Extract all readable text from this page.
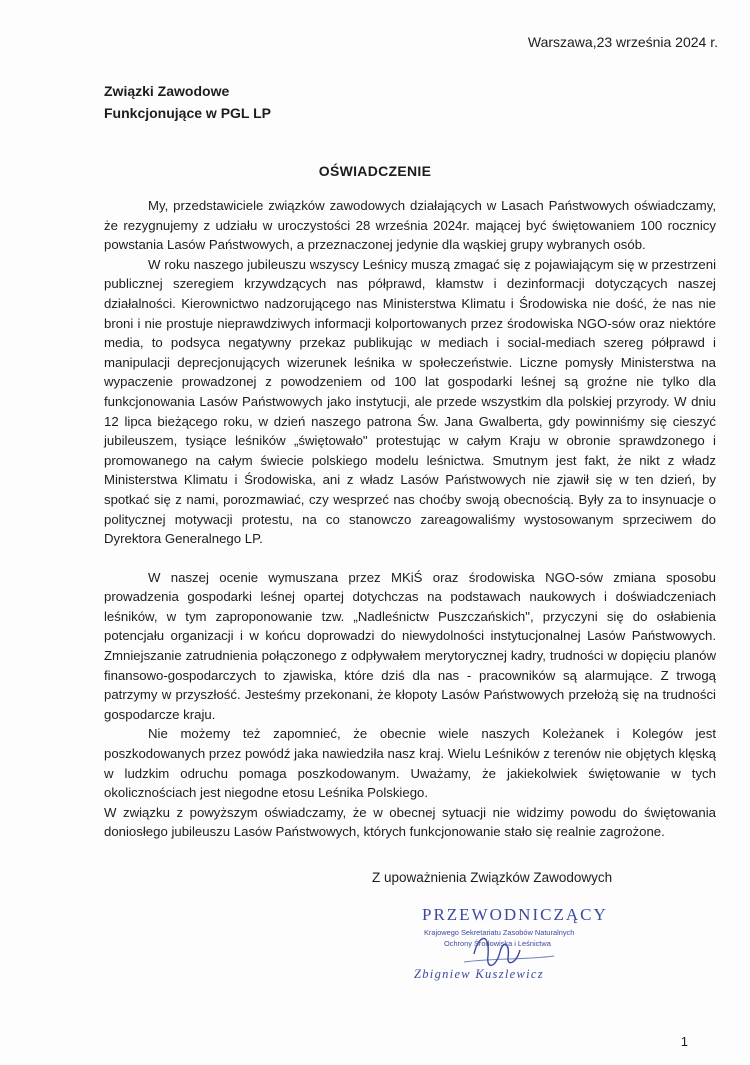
Warszawa,23 września 2024 r.
Związki Zawodowe
Funkcjonujące w PGL LP
OŚWIADCZENIE

My, przedstawiciele związków zawodowych działających w Lasach Państwowych oświadczamy, że rezygnujemy z udziału w uroczystości 28 września 2024r. mającej być świętowaniem 100 rocznicy powstania Lasów Państwowych, a przeznaczonej jedynie dla wąskiej grupy wybranych osób.

W roku naszego jubileuszu wszyscy Leśnicy muszą zmagać się z pojawiającym się w przestrzeni publicznej szeregiem krzywdzących nas półprawd, kłamstw i dezinformacji dotyczących naszej działalności. Kierownictwo nadzorującego nas Ministerstwa Klimatu i Środowiska nie dość, że nas nie broni i nie prostuje nieprawdziwych informacji kolportowanych przez środowiska NGO-sów oraz niektóre media, to podsyca negatywny przekaz publikując w mediach i social-mediach szereg półprawd i manipulacji deprecjonujących wizerunek leśnika w społeczeństwie. Liczne pomysły Ministerstwa na wypaczenie prowadzonej z powodzeniem od 100 lat gospodarki leśnej są groźne nie tylko dla funkcjonowania Lasów Państwowych jako instytucji, ale przede wszystkim dla polskiej przyrody. W dniu 12 lipca bieżącego roku, w dzień naszego patrona Św. Jana Gwalberta, gdy powinniśmy się cieszyć jubileuszem, tysiące leśników „świętowało" protestując w całym Kraju w obronie sprawdzonego i promowanego na całym świecie polskiego modelu leśnictwa. Smutnym jest fakt, że nikt z władz Ministerstwa Klimatu i Środowiska, ani z władz Lasów Państwowych nie zjawił się w ten dzień, by spotkać się z nami, porozmawiać, czy wesprzeć nas choćby swoją obecnością. Były za to insynuacje o politycznej motywacji protestu, na co stanowczo zareagowaliśmy wystosowanym sprzeciwem do Dyrektora Generalnego LP.

W naszej ocenie wymuszana przez MKiŚ oraz środowiska NGO-sów zmiana sposobu prowadzenia gospodarki leśnej opartej dotychczas na podstawach naukowych i doświadczeniach leśników, w tym zaproponowanie tzw. „Nadleśnictw Puszczańskich", przyczyni się do osłabienia potencjału organizacji i w końcu doprowadzi do niewydolności instytucjonalnej Lasów Państwowych. Zmniejszanie zatrudnienia połączonego z odpływałem merytorycznej kadry, trudności w dopięciu planów finansowo-gospodarczych to zjawiska, które dziś dla nas - pracowników są alarmujące. Z trwogą patrzymy w przyszłość. Jesteśmy przekonani, że kłopoty Lasów Państwowych przełożą się na trudności gospodarcze kraju.

Nie możemy też zapomnieć, że obecnie wiele naszych Koleżanek i Kolegów jest poszkodowanych przez powódź jaka nawiedziła nasz kraj. Wielu Leśników z terenów nie objętych klęską w ludzkim odruchu pomaga poszkodowanym. Uważamy, że jakiekolwiek świętowanie w tych okolicznościach jest niegodne etosu Leśnika Polskiego.

W związku z powyższym oświadczamy, że w obecnej sytuacji nie widzimy powodu do świętowania doniosłego jubileuszu Lasów Państwowych, których funkcjonowanie stało się realnie zagrożone.

Z upoważnienia Związków Zawodowych
PRZEWODNICZĄCY
Krajowego Sekretariatu Zasobów Naturalnych
Ochrony Środowiska i Leśnictwa
Zbigniew Kuszlewicz
1
